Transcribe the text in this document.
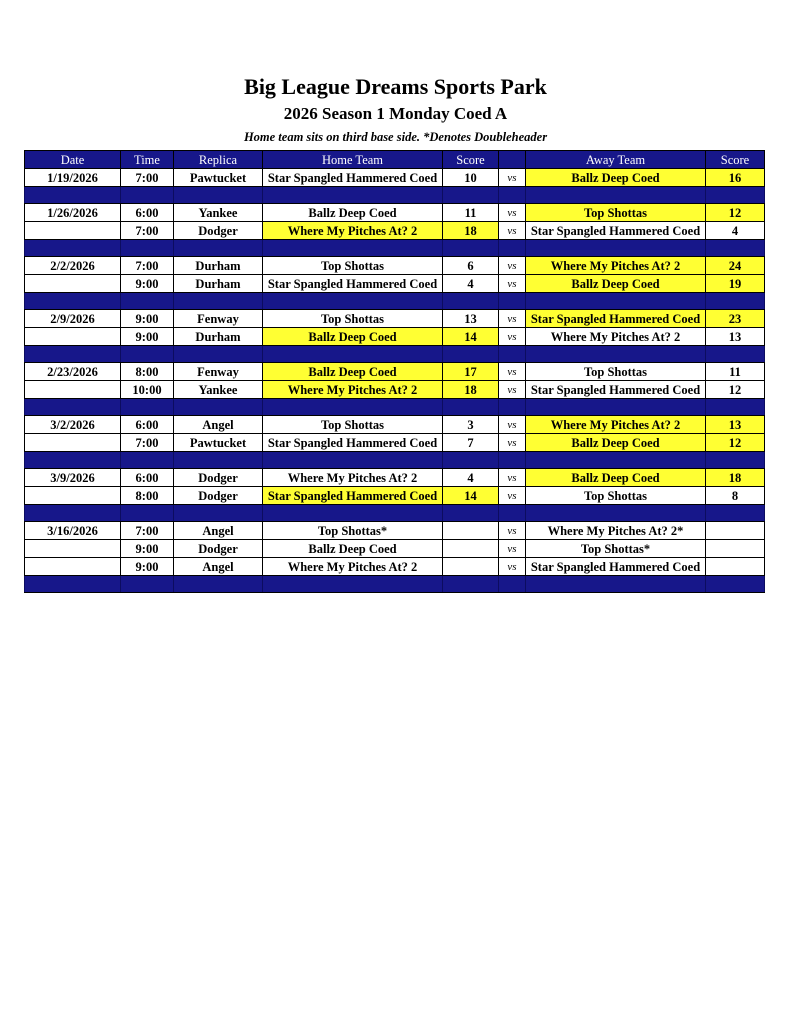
Big League Dreams Sports Park
2026 Season 1 Monday Coed A
Home team sits on third base side. *Denotes Doubleheader
Date	Time	Replica	Home Team	Score		Away Team	Score
1/19/2026	7:00	Pawtucket	Star Spangled Hammered Coed	10	vs	Ballz Deep Coed	16

1/26/2026	6:00	Yankee	Ballz Deep Coed	11	vs	Top Shottas	12
	7:00	Dodger	Where My Pitches At? 2	18	vs	Star Spangled Hammered Coed	4

2/2/2026	7:00	Durham	Top Shottas	6	vs	Where My Pitches At? 2	24
	9:00	Durham	Star Spangled Hammered Coed	4	vs	Ballz Deep Coed	19

2/9/2026	9:00	Fenway	Top Shottas	13	vs	Star Spangled Hammered Coed	23
	9:00	Durham	Ballz Deep Coed	14	vs	Where My Pitches At? 2	13

2/23/2026	8:00	Fenway	Ballz Deep Coed	17	vs	Top Shottas	11
	10:00	Yankee	Where My Pitches At? 2	18	vs	Star Spangled Hammered Coed	12

3/2/2026	6:00	Angel	Top Shottas	3	vs	Where My Pitches At? 2	13
	7:00	Pawtucket	Star Spangled Hammered Coed	7	vs	Ballz Deep Coed	12

3/9/2026	6:00	Dodger	Where My Pitches At? 2	4	vs	Ballz Deep Coed	18
	8:00	Dodger	Star Spangled Hammered Coed	14	vs	Top Shottas	8

3/16/2026	7:00	Angel	Top Shottas*		vs	Where My Pitches At? 2*	
	9:00	Dodger	Ballz Deep Coed		vs	Top Shottas*	
	9:00	Angel	Where My Pitches At? 2		vs	Star Spangled Hammered Coed	
